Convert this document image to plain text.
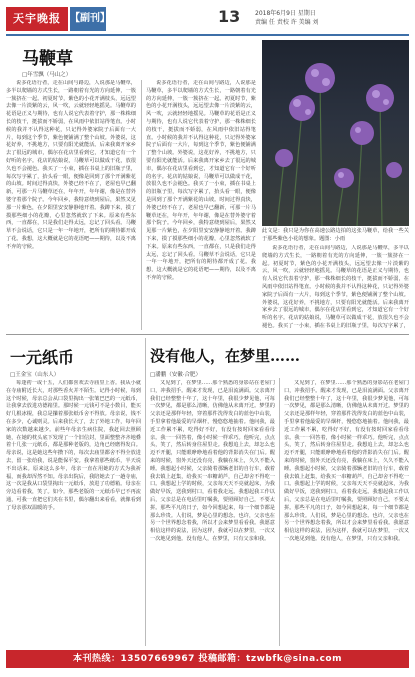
天宇晚报 【副刊】	13 2018年6月9日 星期日
责编 任 责校 许 美编 刘
马鞭草
□年雪飘（马山之）

说多花语行者，走在山间与路边，人说那是马鞭草，多半以爬墙的方式生长，一路朝着有光的方向延伸，一簇一簇挤在一起。初夏时节，紫色的小花开满枝头，远远望去像一片淡紫的云，风一吹，云就轻轻地摇晃。马鞭草的花语是正义与期待，也有人说它代表着守护，那一株株细长的枝干，挺拔而不娇弱，在风雨中依旧站得笔直。小时候的我并不认得这种花，只记得外婆家院子后面有一大片，每到这个季节，紫色便铺满了整个山坡。外婆说，这花好养，不挑地方，只要有阳光就能活。后来我离开家乡去了很远的城市，偶尔在花店里看到它，才知道它有一个好听的名字。花店的姑娘说，马鞭草可以做成干花，放很久也不会褪色。我买了一小束，插在书桌上的旧瓶子里，每次写字累了，抬头看一眼，便像是回到了那个开满紫花的山坡。时间过得真快，外婆已经不在了，老屋也早已翻新，可那一片马鞭草还在，年年开，年年谢，像是在替外婆守着那个院子。今年回乡，我特意绕到屋后，果然又见那一片紫色，在夕阳里安安静静地开着。我蹲下来，摸了摸那些细小的花瓣，心里忽然就软了下来。原来有些东西，一直都在，只是我们走得太远，忘记了回头看。马鞭草不会说话，它只是一年一年地开，把所有的期待都开成了花。我想，这大概就是它的花语吧——期待，以及不离不弃的守候。

说多花语行者，走在山间与路边，人说那是马鞭草，多半以爬墙的方式生长，一路朝着有光的方向延伸，一簇一簇挤在一起。初夏时节，紫色的小花开满枝头，远远望去像一片淡紫的云，风一吹，云就轻轻地摇晃。马鞭草的花语是正义与期待，也有人说它代表着守护，那一株株细长的枝干，挺拔而不娇弱，在风雨中依旧站得笔直。小时候的我并不认得这种花，只记得外婆家院子后面有一大片，每到这个季节，紫色便铺满了整个山坡。外婆说，这花好养，不挑地方，只要有阳光就能活。后来我离开家乡去了很远的城市，偶尔在花店里看到它，才知道它有一个好听的名字。花店的姑娘说，马鞭草可以做成干花，放很久也不会褪色。我买了一小束，插在书桌上的旧瓶子里，每次写字累了，抬头看一眼，便像是回到了那个开满紫花的山坡。时间过得真快，外婆已经不在了，老屋也早已翻新，可那一片马鞭草还在，年年开，年年谢，像是在替外婆守着那个院子。今年回乡，我特意绕到屋后，果然又见那一片紫色，在夕阳里安安静静地开着。我蹲下来，摸了摸那些细小的花瓣，心里忽然就软了下来。原来有些东西，一直都在，只是我们走得太远，忘记了回头看。马鞭草不会说话，它只是一年一年地开，把所有的期待都开成了花。我想，这大概就是它的花语吧——期待，以及不离不弃的守候。

此文是：我只是为你在高速公路边拍的这张马鞭草，给我一些关于那些紫色小花的想象。题图：小雨

说多花语行者，走在山间与路边，人说那是马鞭草，多半以爬墙的方式生长，一路朝着有光的方向延伸，一簇一簇挤在一起。初夏时节，紫色的小花开满枝头，远远望去像一片淡紫的云，风一吹，云就轻轻地摇晃。马鞭草的花语是正义与期待，也有人说它代表着守护，那一株株细长的枝干，挺拔而不娇弱，在风雨中依旧站得笔直。小时候的我并不认得这种花，只记得外婆家院子后面有一大片，每到这个季节，紫色便铺满了整个山坡。外婆说，这花好养，不挑地方，只要有阳光就能活。后来我离开家乡去了很远的城市，偶尔在花店里看到它，才知道它有一个好听的名字。花店的姑娘说，马鞭草可以做成干花，放很久也不会褪色。我买了一小束，插在书桌上的旧瓶子里，每次写字累了，

一元纸币
□王金宝（山东人）

每逢初一或十五，人们都喜欢去寺庙里上香。我从小就在寺庙附近长大，对那些香火并不陌生。记得小时候，每到这个时候，母亲总会从口袋里掏出一张皱巴巴的一元纸币，让我拿去放进功德箱里。那时候一元钱可不是小数目，能买好几根冰棍，我总是攥着那张纸币舍不得放。母亲说，钱不在多少，心诚则灵。后来我长大了，去了外地工作，每年回家的次数越来越少。前些年母亲生病住院，我赶回去照顾她，在她的枕头底下发现了一个旧信封，里面整整齐齐地叠着十几张一元纸币，都是那种老版的，边角已经磨得发白。母亲说，这是她这些年攒下的，每次去庙里都舍不得全放进去，留一张给我，说是能保平安。我拿着那些纸币，半天说不出话来。原来这么多年，母亲一直在用她的方式为我祈福，而我却浑然不知。母亲出院后，我陪她去了一趟寺庙，这一次是我从口袋里掏出一元纸币，放进了功德箱。母亲在旁边看着我，笑了。如今，那些老版的一元纸币早已不再流通，可我一直把它们夹在书里，偶尔翻出来看看，就像看到了母亲那双温暖的手。

没有他人，在梦里……
□潘鹏（安徽·合肥）

又见到了，在梦里……那个熟悉的身影站在老屋门口，冲我招手。醒来才发现，已是泪流满面。父亲离开我们已经整整十年了，这十年里，我很少梦见他，可每一次梦见，都是那么清晰，仿佛他从未离开过。梦里的父亲还是那样年轻，穿着那件洗得发白的蓝色中山装，手里拿着他最爱的旱烟杆，慢悠悠地抽着。他问我，最近工作累不累，吃得好不好，有没有按时回家看看母亲。我一一回答着，像小时候一样乖巧。他听完，点点头，笑了，然后转身往屋里走。我想追上去，却怎么也迈不开腿，只能眼睁睁地看着他的背影消失在门后。醒来的时候，窗外天还没有亮，我躺在床上，久久不能入睡。我想起小时候，父亲骑着那辆老旧的自行车，载着我去镇上赶集，给我买一串糖葫芦，自己却舍不得吃一口。我想起上学的时候，父亲每天天不亮就起床，为我做好早饭，送我到村口，看着我走远。我想起我工作以后，父亲总是在电话里叮嘱我，要照顾好自己，不要太拼。那些平凡的日子，如今回想起来，每一个细节都是那么珍贵。人们说，梦是心里的想念。也许，父亲也在另一个世界想念着我，所以才会来梦里看看我。我愿意相信这样的说法，因为这样，我就可以在梦里，一次又一次地见到他。没有他人，在梦里，只有父亲和我。

又见到了，在梦里……那个熟悉的身影站在老屋门口，冲我招手。醒来才发现，已是泪流满面。父亲离开我们已经整整十年了，这十年里，我很少梦见他，可每一次梦见，都是那么清晰，仿佛他从未离开过。梦里的父亲还是那样年轻，穿着那件洗得发白的蓝色中山装，手里拿着他最爱的旱烟杆，慢悠悠地抽着。他问我，最近工作累不累，吃得好不好，有没有按时回家看看母亲。我一一回答着，像小时候一样乖巧。他听完，点点头，笑了，然后转身往屋里走。我想追上去，却怎么也迈不开腿，只能眼睁睁地看着他的背影消失在门后。醒来的时候，窗外天还没有亮，我躺在床上，久久不能入睡。我想起小时候，父亲骑着那辆老旧的自行车，载着我去镇上赶集，给我买一串糖葫芦，自己却舍不得吃一口。我想起上学的时候，父亲每天天不亮就起床，为我做好早饭，送我到村口，看着我走远。我想起我工作以后，父亲总是在电话里叮嘱我，要照顾好自己，不要太拼。那些平凡的日子，如今回想起来，每一个细节都是那么珍贵。人们说，梦是心里的想念。也许，父亲也在另一个世界想念着我，所以才会来梦里看看我。我愿意相信这样的说法，因为这样，我就可以在梦里，一次又一次地见到他。没有他人，在梦里，只有父亲和我。

本刊热线：13507669967 投稿邮箱：tzwbfk@sina.com
